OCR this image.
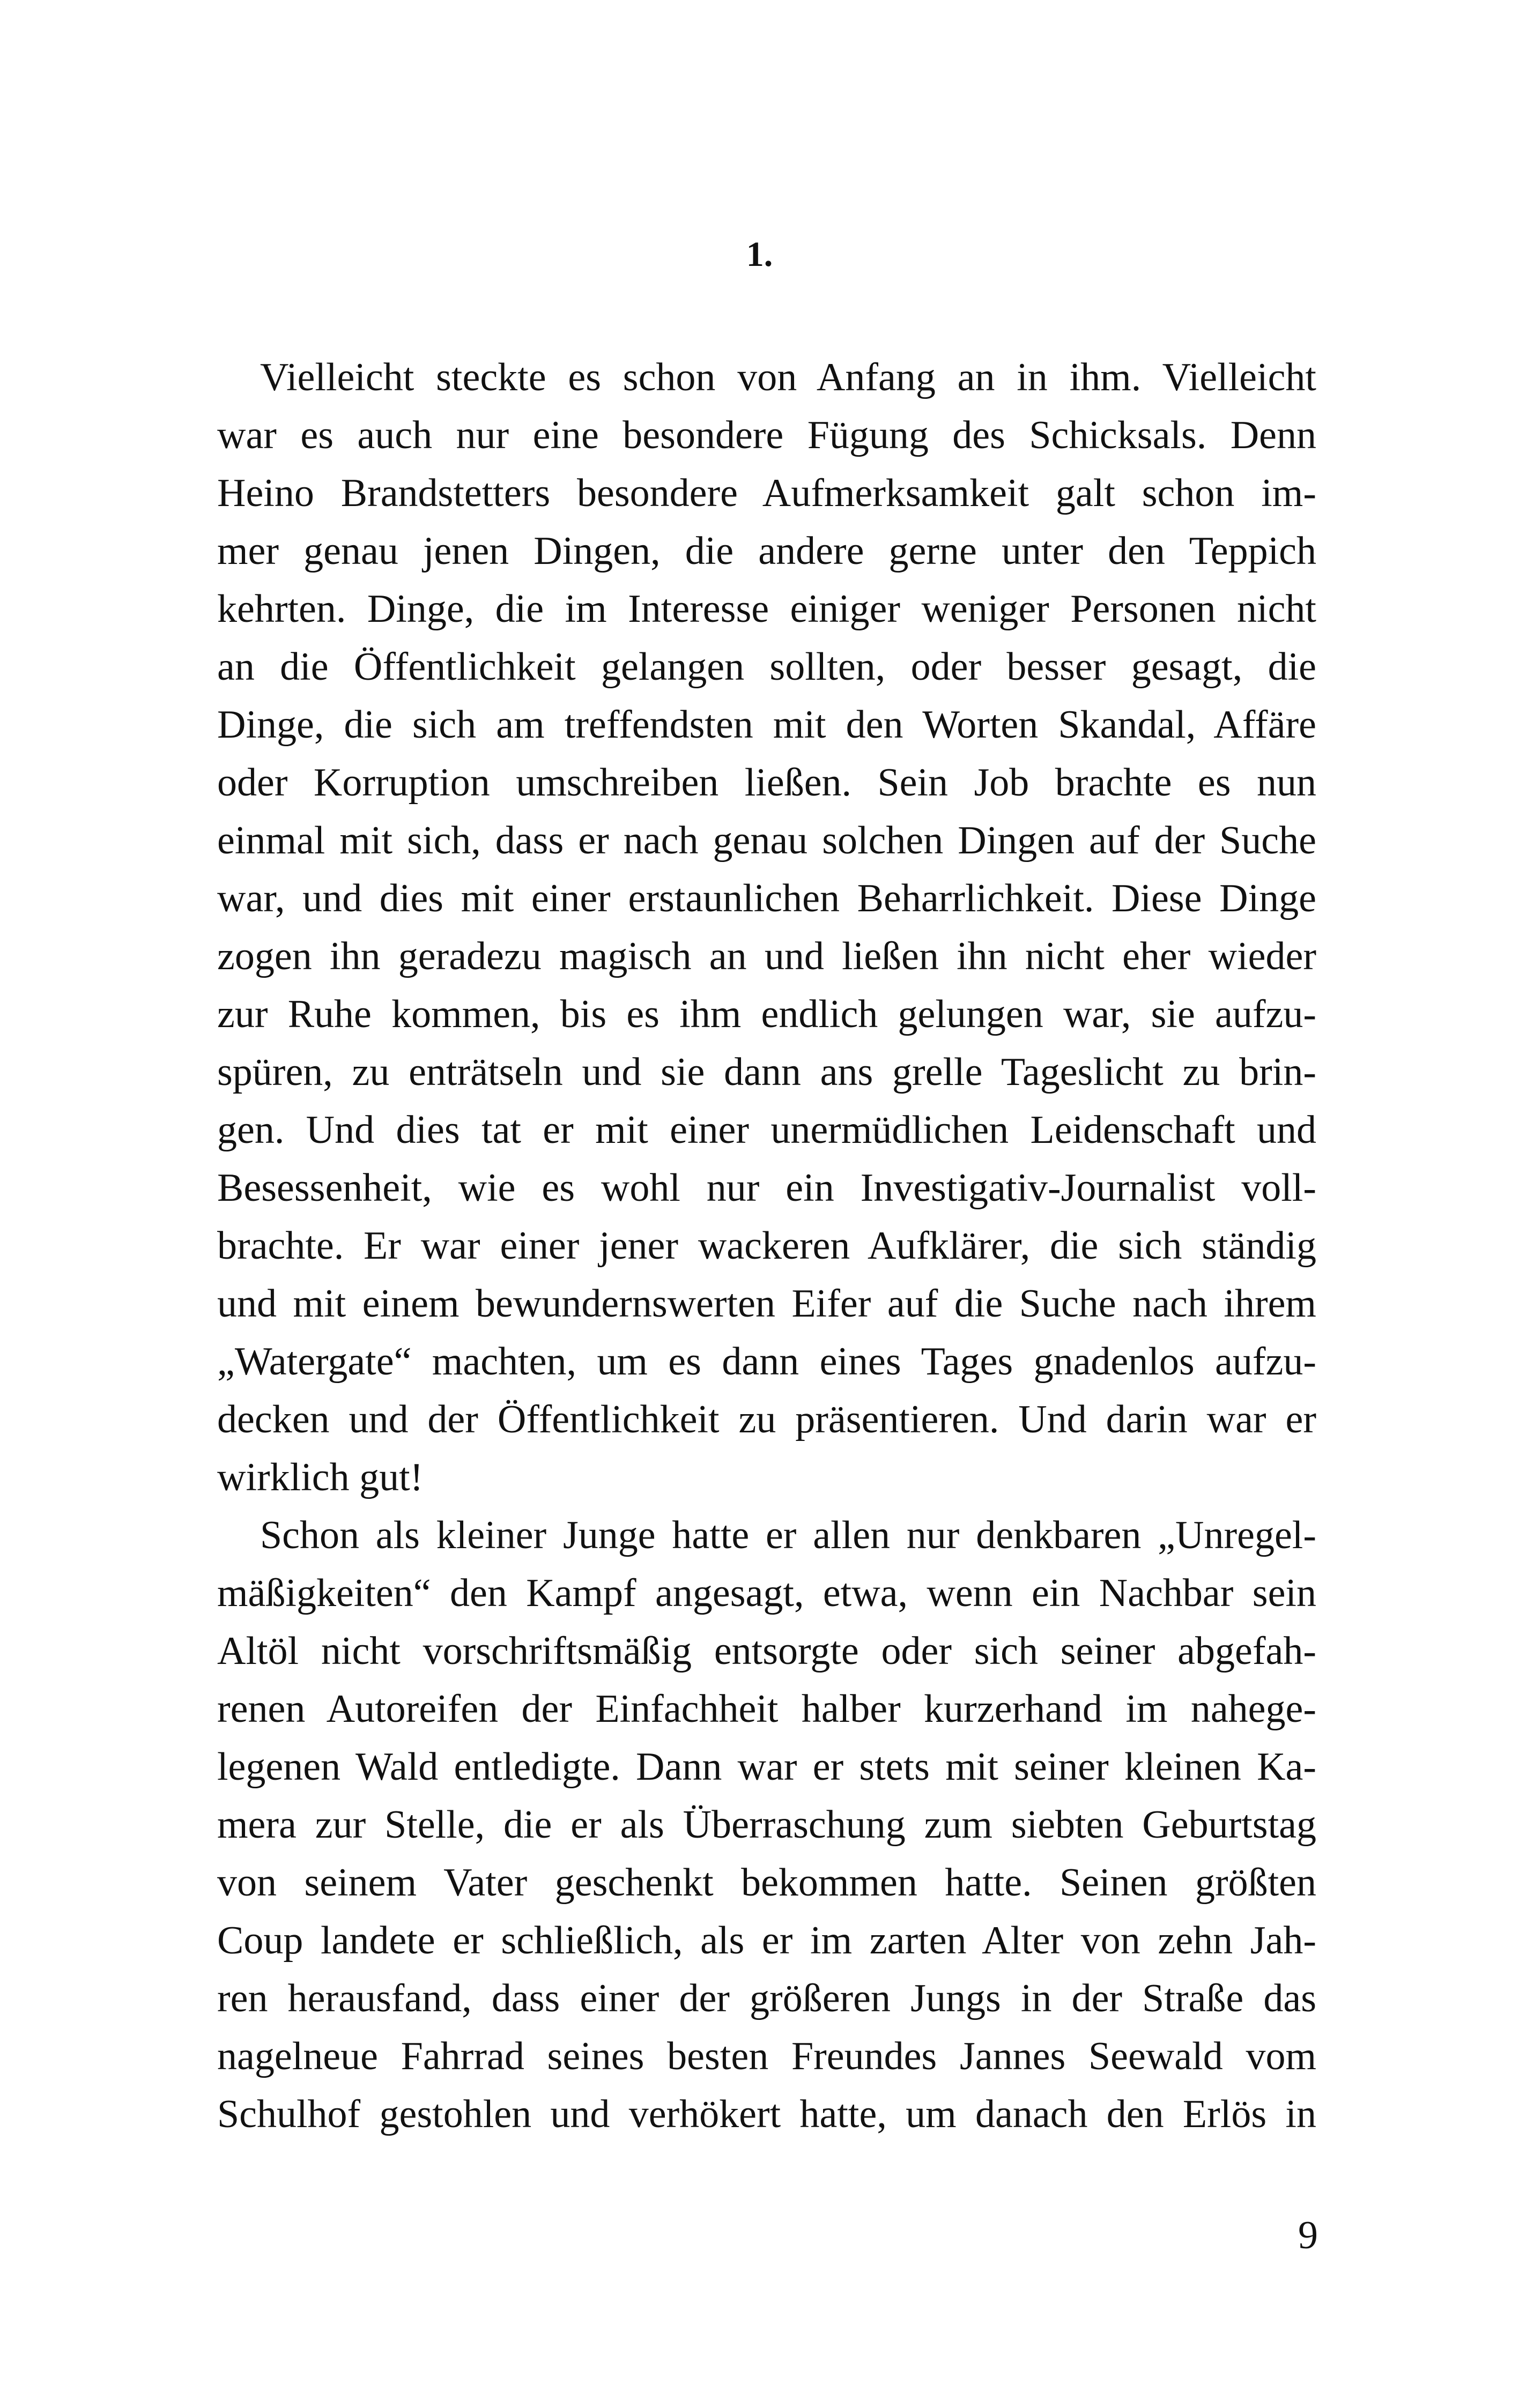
1.
Vielleicht steckte es schon von Anfang an in ihm. Vielleicht
war es auch nur eine besondere Fügung des Schicksals. Denn
Heino Brandstetters besondere Aufmerksamkeit galt schon im-
mer genau jenen Dingen, die andere gerne unter den Teppich
kehrten. Dinge, die im Interesse einiger weniger Personen nicht
an die Öffentlichkeit gelangen sollten, oder besser gesagt, die
Dinge, die sich am treffendsten mit den Worten Skandal, Affäre
oder Korruption umschreiben ließen. Sein Job brachte es nun
einmal mit sich, dass er nach genau solchen Dingen auf der Suche
war, und dies mit einer erstaunlichen Beharrlichkeit. Diese Dinge
zogen ihn geradezu magisch an und ließen ihn nicht eher wieder
zur Ruhe kommen, bis es ihm endlich gelungen war, sie aufzu-
spüren, zu enträtseln und sie dann ans grelle Tageslicht zu brin-
gen. Und dies tat er mit einer unermüdlichen Leidenschaft und
Besessenheit, wie es wohl nur ein Investigativ-Journalist voll-
brachte. Er war einer jener wackeren Aufklärer, die sich ständig
und mit einem bewundernswerten Eifer auf die Suche nach ihrem
„Watergate“ machten, um es dann eines Tages gnadenlos aufzu-
decken und der Öffentlichkeit zu präsentieren. Und darin war er
wirklich gut!
Schon als kleiner Junge hatte er allen nur denkbaren „Unregel-
mäßigkeiten“ den Kampf angesagt, etwa, wenn ein Nachbar sein
Altöl nicht vorschriftsmäßig entsorgte oder sich seiner abgefah-
renen Autoreifen der Einfachheit halber kurzerhand im nahege-
legenen Wald entledigte. Dann war er stets mit seiner kleinen Ka-
mera zur Stelle, die er als Überraschung zum siebten Geburtstag
von seinem Vater geschenkt bekommen hatte. Seinen größten
Coup landete er schließlich, als er im zarten Alter von zehn Jah-
ren herausfand, dass einer der größeren Jungs in der Straße das
nagelneue Fahrrad seines besten Freundes Jannes Seewald vom
Schulhof gestohlen und verhökert hatte, um danach den Erlös in
9
